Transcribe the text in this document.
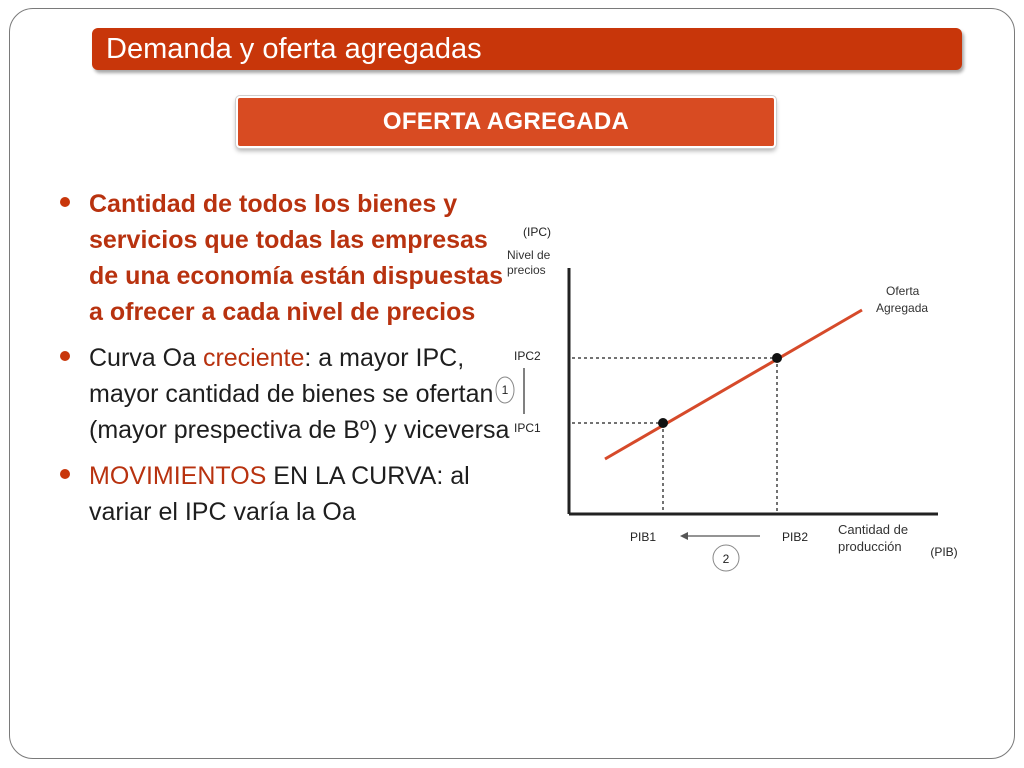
Demanda y oferta agregadas
OFERTA AGREGADA
Cantidad de todos los bienes y servicios que todas las empresas de una economía están dispuestas a ofrecer a cada nivel de precios
Curva Oa creciente: a mayor IPC, mayor cantidad de bienes se ofertan (mayor prespectiva de Bº) y viceversa
MOVIMIENTOS EN LA CURVA: al variar el IPC varía la Oa
(IPC)
Nivel de
precios
Cantidad de
producción (PIB)
Oferta
Agregada
IPC2
IPC1
1
PIB1	PIB2
2
